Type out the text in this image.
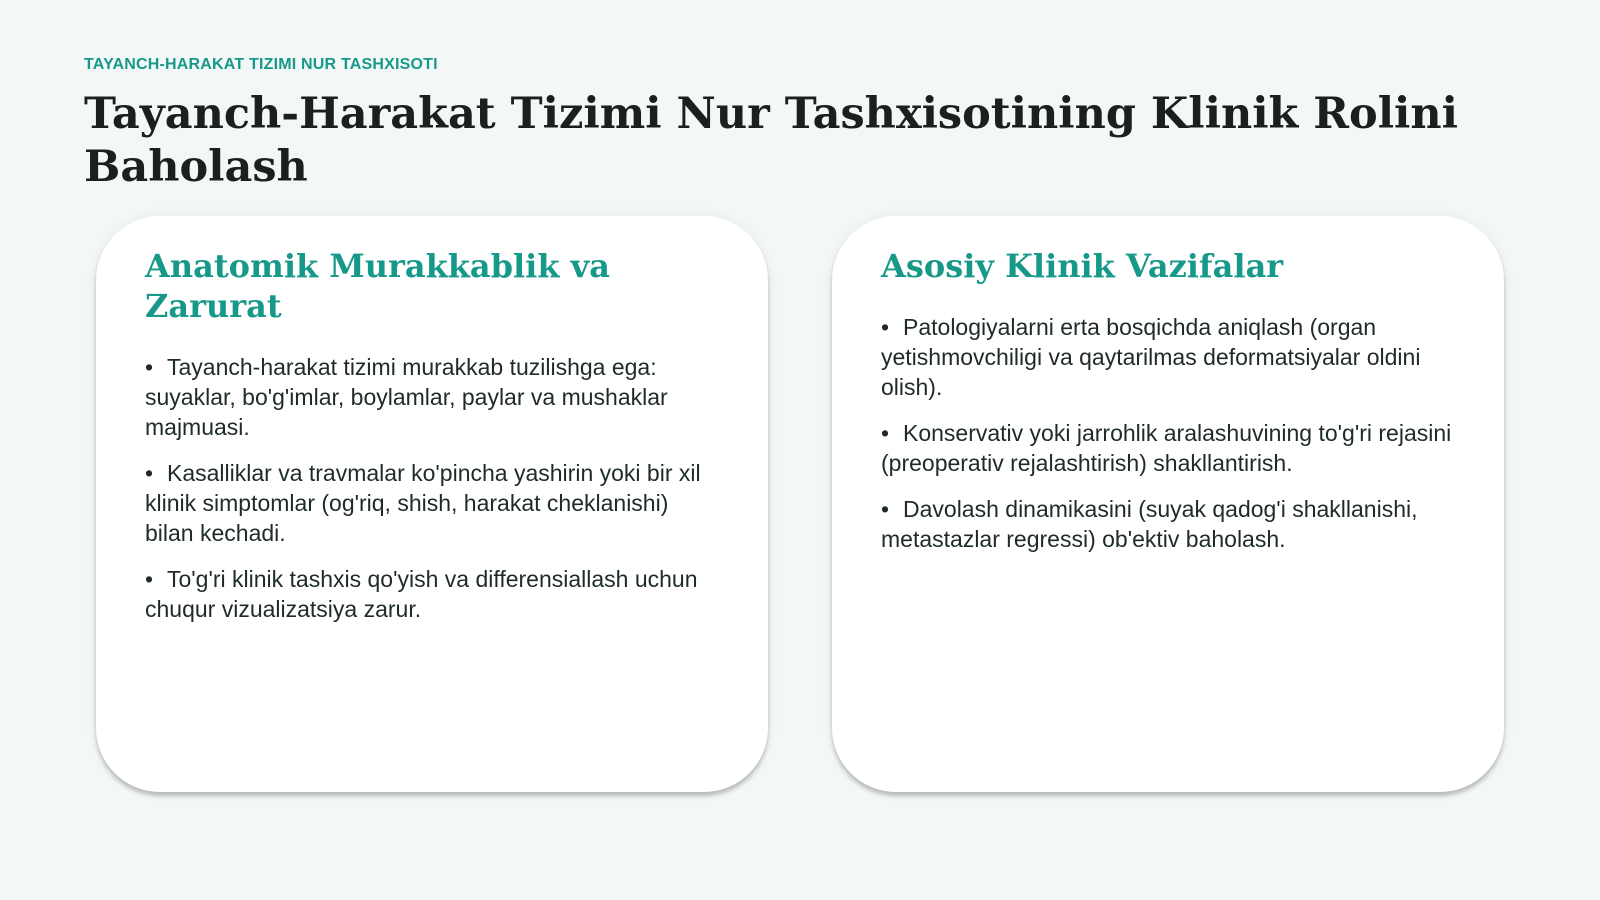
TAYANCH-HARAKAT TIZIMI NUR TASHXISOTI
Tayanch-Harakat Tizimi Nur Tashxisotining Klinik Rolini Baholash
Anatomik Murakkablik va Zarurat
• Tayanch-harakat tizimi murakkab tuzilishga ega: suyaklar, bo'g'imlar, boylamlar, paylar va mushaklar majmuasi.
• Kasalliklar va travmalar ko'pincha yashirin yoki bir xil klinik simptomlar (og'riq, shish, harakat cheklanishi) bilan kechadi.
• To'g'ri klinik tashxis qo'yish va differensiallash uchun chuqur vizualizatsiya zarur.
Asosiy Klinik Vazifalar
• Patologiyalarni erta bosqichda aniqlash (organ yetishmovchiligi va qaytarilmas deformatsiyalar oldini olish).
• Konservativ yoki jarrohlik aralashuvining to'g'ri rejasini (preoperativ rejalashtirish) shakllantirish.
• Davolash dinamikasini (suyak qadog'i shakllanishi, metastazlar regressi) ob'ektiv baholash.
